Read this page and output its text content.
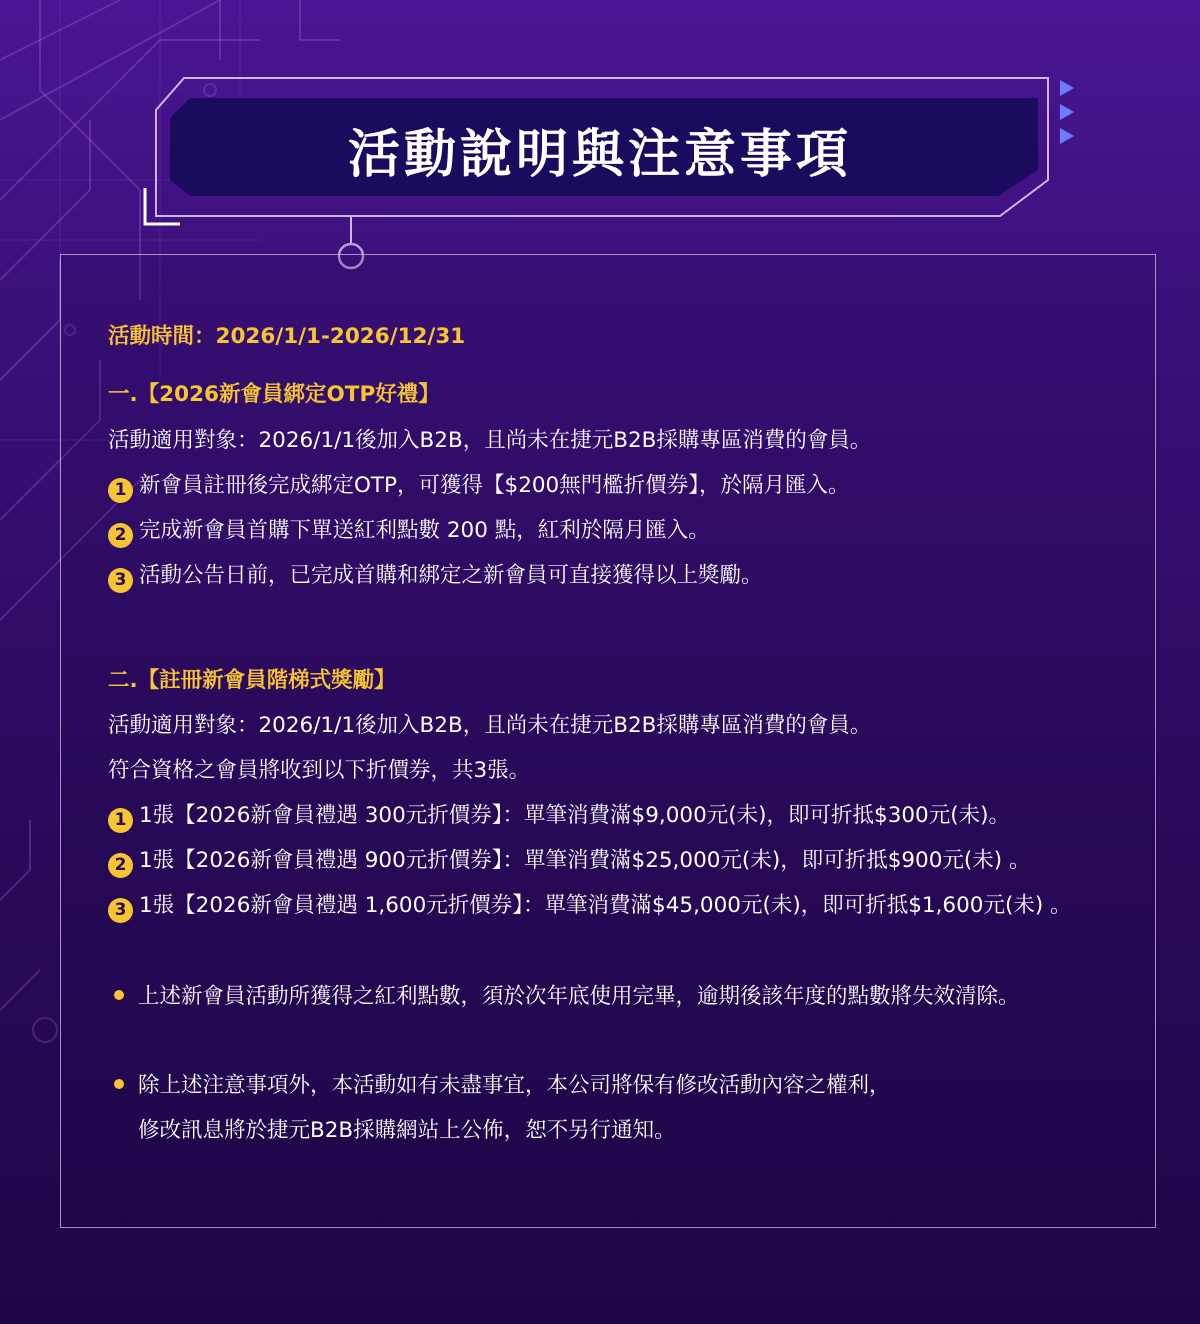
活動說明與注意事項
活動時間：2026/1/1-2026/12/31
一.【2026新會員綁定OTP好禮】
活動適用對象：2026/1/1後加入B2B，且尚未在捷元B2B採購專區消費的會員。
1 新會員註冊後完成綁定OTP，可獲得【$200無門檻折價券】，於隔月匯入。
2 完成新會員首購下單送紅利點數 200 點，紅利於隔月匯入。
3 活動公告日前，已完成首購和綁定之新會員可直接獲得以上獎勵。
二.【註冊新會員階梯式獎勵】
活動適用對象：2026/1/1後加入B2B，且尚未在捷元B2B採購專區消費的會員。
符合資格之會員將收到以下折價券，共3張。
1 1張【2026新會員禮遇 300元折價券】：單筆消費滿$9,000元(未)，即可折抵$300元(未)。
2 1張【2026新會員禮遇 900元折價券】：單筆消費滿$25,000元(未)，即可折抵$900元(未) 。
3 1張【2026新會員禮遇 1,600元折價券】：單筆消費滿$45,000元(未)，即可折抵$1,600元(未) 。
上述新會員活動所獲得之紅利點數，須於次年底使用完畢，逾期後該年度的點數將失效清除。
除上述注意事項外，本活動如有未盡事宜，本公司將保有修改活動內容之權利，
修改訊息將於捷元B2B採購網站上公佈，恕不另行通知。
